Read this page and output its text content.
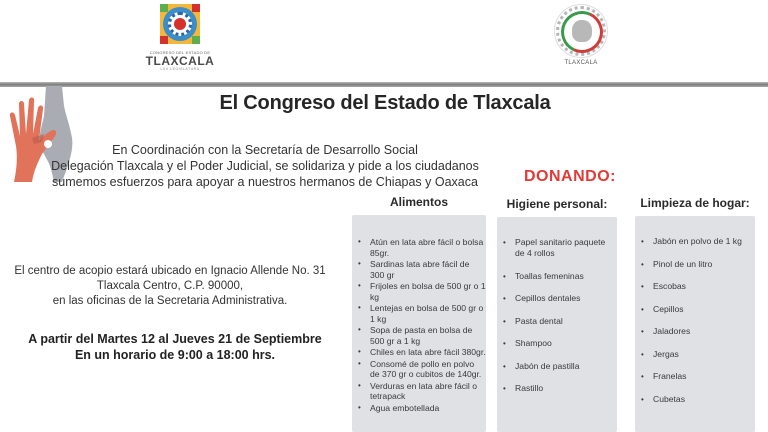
CONGRESO DEL ESTADO DE
TLAXCALA
LXII LEGISLATURA
TLAXCALA
El Congreso del Estado de Tlaxcala
En Coordinación con la Secretaría de Desarrollo Social
Delegación Tlaxcala y el Poder Judicial, se solidariza y pide a los ciudadanos
sumemos esfuerzos para apoyar a nuestros hermanos de Chiapas y Oaxaca
El centro de acopio estará ubicado en Ignacio Allende No. 31
Tlaxcala Centro, C.P. 90000,
en las oficinas de la Secretaria Administrativa.
A partir del Martes 12 al Jueves 21 de Septiembre
En un horario de 9:00 a 18:00 hrs.
DONANDO:
Alimentos	Higiene personal:	Limpieza de hogar:
• Atún en lata abre fácil o bolsa 85gr.
• Sardinas lata abre fácil de 300 gr
• Frijoles en bolsa de 500 gr o 1 kg
• Lentejas en bolsa de 500 gr o 1 kg
• Sopa de pasta en bolsa de 500 gr a 1 kg
• Chiles en lata abre fácil 380gr.
• Consomé de pollo en polvo de 370 gr o cubitos de 140gr.
• Verduras en lata abre fácil o tetrapack
• Agua embotellada
• Papel sanitario paquete de 4 rollos
• Toallas femeninas
• Cepillos dentales
• Pasta dental
• Shampoo
• Jabón de pastilla
• Rastillo
• Jabón en polvo de 1 kg
• Pinol de un litro
• Escobas
• Cepillos
• Jaladores
• Jergas
• Franelas
• Cubetas
